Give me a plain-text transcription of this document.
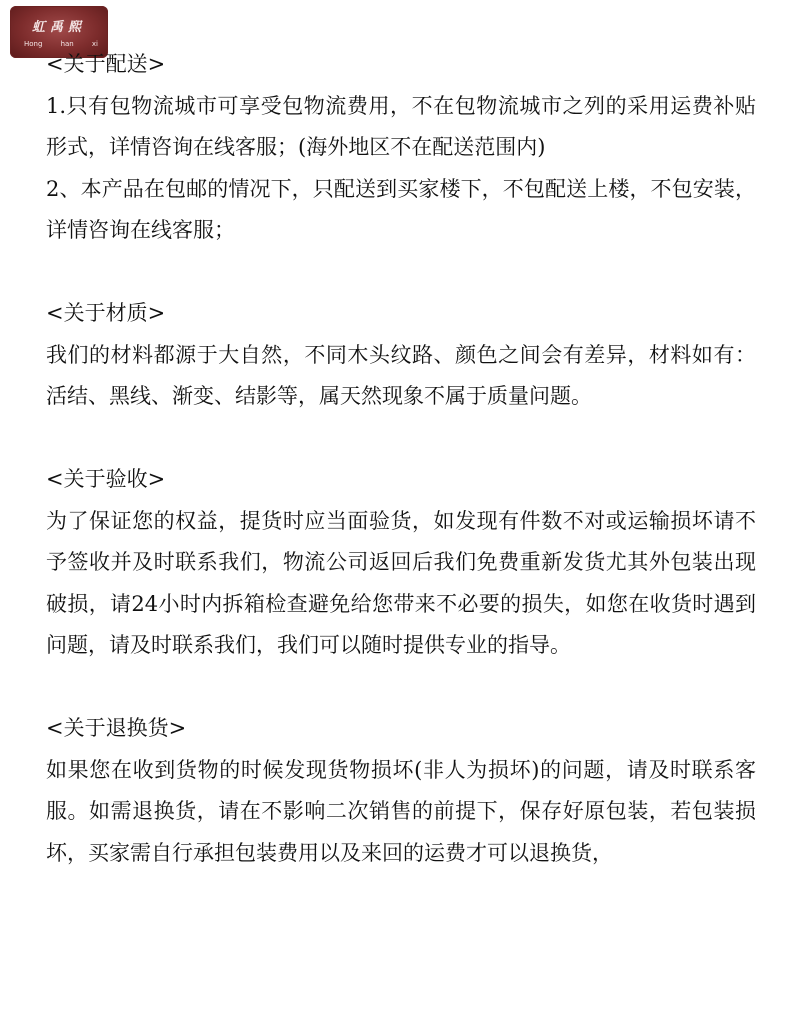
虹禹熙
Hong	han	xi
<关于配送>
1.只有包物流城市可享受包物流费用，不在包物流城市之列的采用运费补贴形式，详情咨询在线客服；(海外地区不在配送范围内)
2、本产品在包邮的情况下，只配送到买家楼下，不包配送上楼，不包安装，详情咨询在线客服；
<关于材质>
我们的材料都源于大自然，不同木头纹路、颜色之间会有差异，材料如有：活结、黑线、渐变、结影等，属天然现象不属于质量问题。
<关于验收>
为了保证您的权益，提货时应当面验货，如发现有件数不对或运输损坏请不予签收并及时联系我们，物流公司返回后我们免费重新发货尤其外包装出现破损，请24小时内拆箱检查避免给您带来不必要的损失，如您在收货时遇到问题，请及时联系我们，我们可以随时提供专业的指导。
<关于退换货>
如果您在收到货物的时候发现货物损坏(非人为损坏)的问题，请及时联系客服。如需退换货，请在不影响二次销售的前提下，保存好原包装，若包装损坏，买家需自行承担包装费用以及来回的运费才可以退换货，
